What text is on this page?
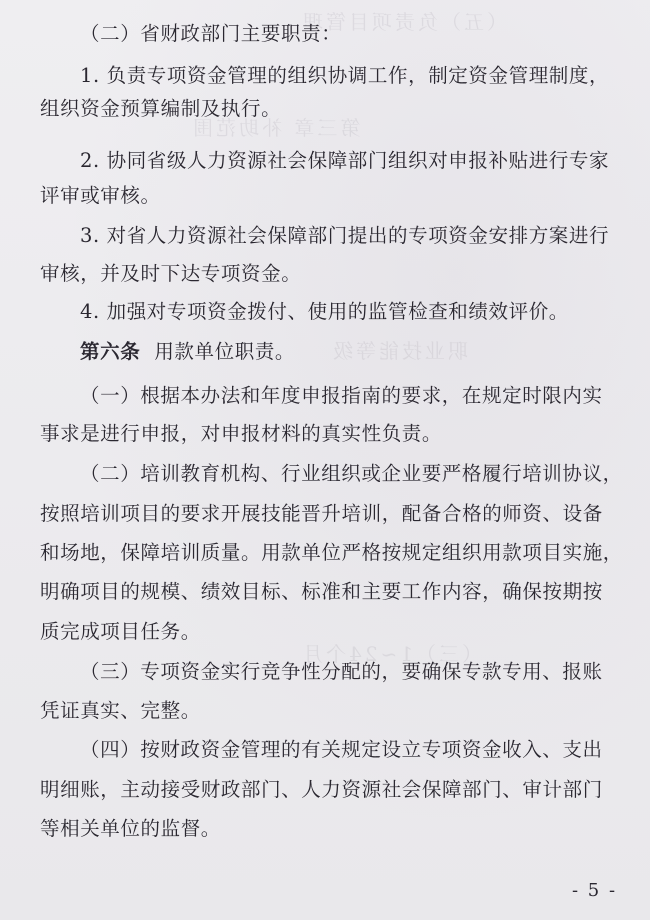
（五）负责项目管理
第三章 补助范围
职业技能等级
（三）1~24个月
（二）省财政部门主要职责：
1. 负责专项资金管理的组织协调工作，制定资金管理制度，
组织资金预算编制及执行。
2. 协同省级人力资源社会保障部门组织对申报补贴进行专家
评审或审核。
3. 对省人力资源社会保障部门提出的专项资金安排方案进行
审核，并及时下达专项资金。
4. 加强对专项资金拨付、使用的监管检查和绩效评价。
第六条 用款单位职责。
（一）根据本办法和年度申报指南的要求，在规定时限内实
事求是进行申报，对申报材料的真实性负责。
（二）培训教育机构、行业组织或企业要严格履行培训协议，
按照培训项目的要求开展技能晋升培训，配备合格的师资、设备
和场地，保障培训质量。用款单位严格按规定组织用款项目实施，
明确项目的规模、绩效目标、标准和主要工作内容，确保按期按
质完成项目任务。
（三）专项资金实行竞争性分配的，要确保专款专用、报账
凭证真实、完整。
（四）按财政资金管理的有关规定设立专项资金收入、支出
明细账，主动接受财政部门、人力资源社会保障部门、审计部门
等相关单位的监督。
- 5 -
